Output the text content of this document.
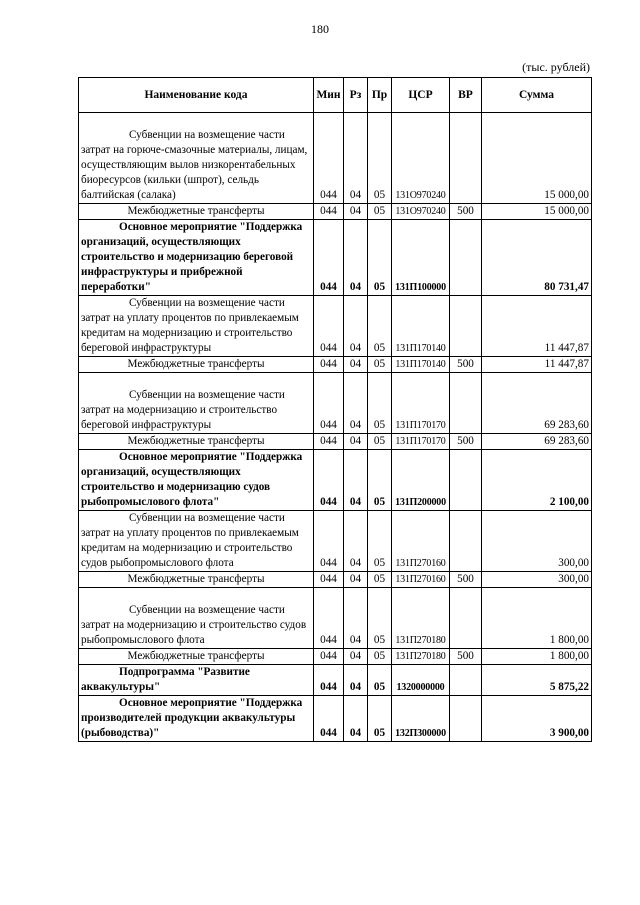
180
(тыс. рублей)
Наименование кода	Мин	Рз	Пр	ЦСР	ВР	Сумма

Субвенции на возмещение части затрат на горюче-смазочные материалы, лицам, осуществляющим вылов низкорентабельных биоресурсов (кильки (шпрот), сельдь балтийская (салака)	044	04	05	131О970240		15 000,00

Межбюджетные трансферты	044	04	05	131О970240	500	15 000,00

Основное мероприятие "Поддержка организаций, осуществляющих строительство и модернизацию береговой инфраструктуры и прибрежной переработки"	044	04	05	131П100000		80 731,47

Субвенции на возмещение части затрат на уплату процентов по привлекаемым кредитам на модернизацию и строительство береговой инфраструктуры	044	04	05	131П170140		11 447,87

Межбюджетные трансферты	044	04	05	131П170140	500	11 447,87

Субвенции на возмещение части затрат на модернизацию и строительство береговой инфраструктуры	044	04	05	131П170170		69 283,60

Межбюджетные трансферты	044	04	05	131П170170	500	69 283,60

Основное мероприятие "Поддержка организаций, осуществляющих строительство и модернизацию судов рыбопромыслового флота"	044	04	05	131П200000		2 100,00

Субвенции на возмещение части затрат на уплату процентов по привлекаемым кредитам на модернизацию и строительство судов рыбопромыслового флота	044	04	05	131П270160		300,00

Межбюджетные трансферты	044	04	05	131П270160	500	300,00

Субвенции на возмещение части затрат на модернизацию и строительство судов рыбопромыслового флота	044	04	05	131П270180		1 800,00

Межбюджетные трансферты	044	04	05	131П270180	500	1 800,00

Подпрограмма "Развитие аквакультуры"	044	04	05	1320000000		5 875,22

Основное мероприятие "Поддержка производителей продукции аквакультуры (рыбоводства)"	044	04	05	132П300000		3 900,00
